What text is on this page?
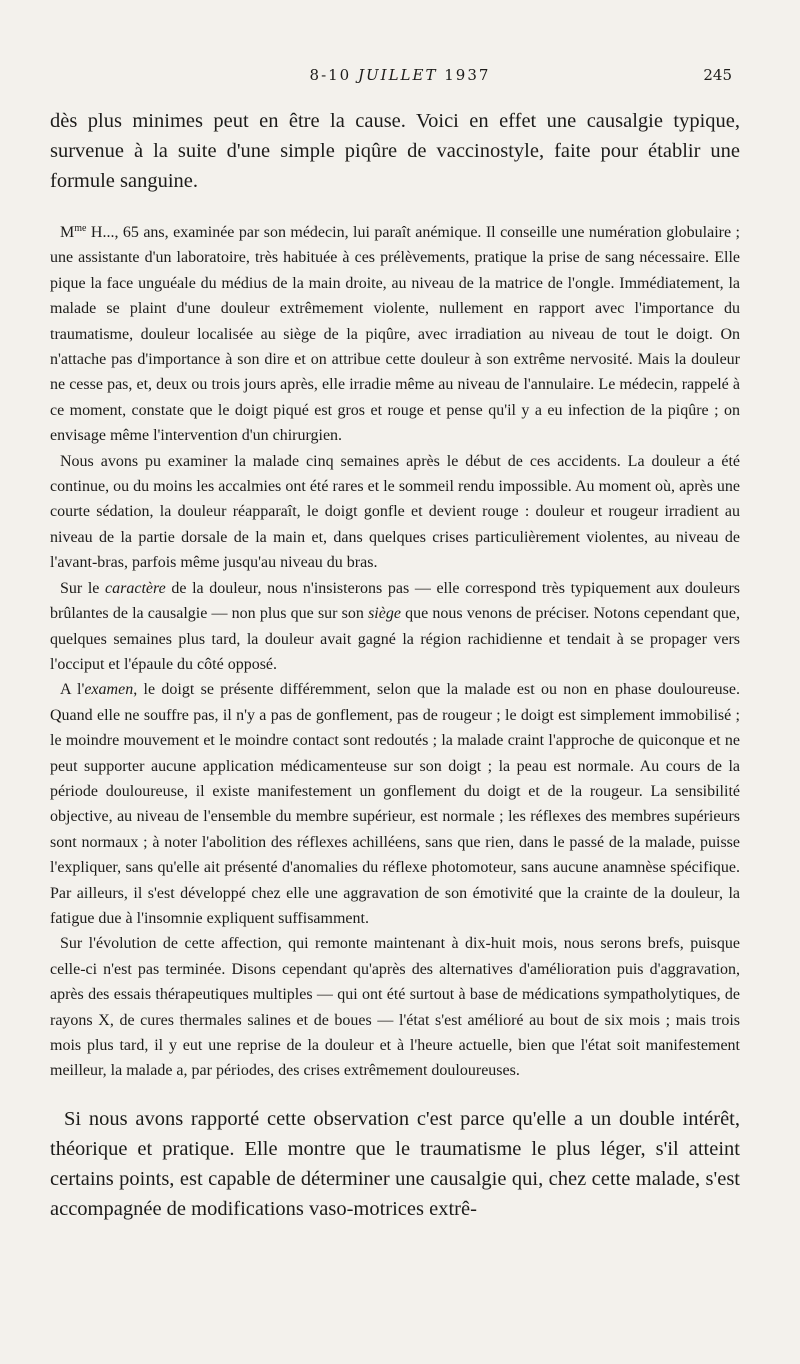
8-10 JUILLET 1937	245

dès plus minimes peut en être la cause. Voici en effet une causalgie typique, survenue à la suite d'une simple piqûre de vaccinostyle, faite pour établir une formule sanguine.

$M^{me}$ H..., 65 ans, examinée par son médecin, lui paraît anémique. Il conseille une numération globulaire ; une assistante d'un laboratoire, très habituée à ces prélèvements, pratique la prise de sang nécessaire. Elle pique la face unguéale du médius de la main droite, au niveau de la matrice de l'ongle. Immédiatement, la malade se plaint d'une douleur extrêmement violente, nullement en rapport avec l'importance du traumatisme, douleur localisée au siège de la piqûre, avec irradiation au niveau de tout le doigt. On n'attache pas d'importance à son dire et on attribue cette douleur à son extrême nervosité. Mais la douleur ne cesse pas, et, deux ou trois jours après, elle irradie même au niveau de l'annulaire. Le médecin, rappelé à ce moment, constate que le doigt piqué est gros et rouge et pense qu'il y a eu infection de la piqûre ; on envisage même l'intervention d'un chirurgien.

Nous avons pu examiner la malade cinq semaines après le début de ces accidents. La douleur a été continue, ou du moins les accalmies ont été rares et le sommeil rendu impossible. Au moment où, après une courte sédation, la douleur réapparaît, le doigt gonfle et devient rouge : douleur et rougeur irradient au niveau de la partie dorsale de la main et, dans quelques crises particulièrement violentes, au niveau de l'avant-bras, parfois même jusqu'au niveau du bras.

Sur le caractère de la douleur, nous n'insisterons pas — elle correspond très typiquement aux douleurs brûlantes de la causalgie — non plus que sur son siège que nous venons de préciser. Notons cependant que, quelques semaines plus tard, la douleur avait gagné la région rachidienne et tendait à se propager vers l'occiput et l'épaule du côté opposé.

A l'examen, le doigt se présente différemment, selon que la malade est ou non en phase douloureuse. Quand elle ne souffre pas, il n'y a pas de gonflement, pas de rougeur ; le doigt est simplement immobilisé ; le moindre mouvement et le moindre contact sont redoutés ; la malade craint l'approche de quiconque et ne peut supporter aucune application médicamenteuse sur son doigt ; la peau est normale. Au cours de la période douloureuse, il existe manifestement un gonflement du doigt et de la rougeur. La sensibilité objective, au niveau de l'ensemble du membre supérieur, est normale ; les réflexes des membres supérieurs sont normaux ; à noter l'abolition des réflexes achilléens, sans que rien, dans le passé de la malade, puisse l'expliquer, sans qu'elle ait présenté d'anomalies du réflexe photomoteur, sans aucune anamnèse spécifique. Par ailleurs, il s'est développé chez elle une aggravation de son émotivité que la crainte de la douleur, la fatigue due à l'insomnie expliquent suffisamment.

Sur l'évolution de cette affection, qui remonte maintenant à dix-huit mois, nous serons brefs, puisque celle-ci n'est pas terminée. Disons cependant qu'après des alternatives d'amélioration puis d'aggravation, après des essais thérapeutiques multiples — qui ont été surtout à base de médications sympatholytiques, de rayons X, de cures thermales salines et de boues — l'état s'est amélioré au bout de six mois ; mais trois mois plus tard, il y eut une reprise de la douleur et à l'heure actuelle, bien que l'état soit manifestement meilleur, la malade a, par périodes, des crises extrêmement douloureuses.

Si nous avons rapporté cette observation c'est parce qu'elle a un double intérêt, théorique et pratique. Elle montre que le traumatisme le plus léger, s'il atteint certains points, est capable de déterminer une causalgie qui, chez cette malade, s'est accompagnée de modifications vaso-motrices extrê-
